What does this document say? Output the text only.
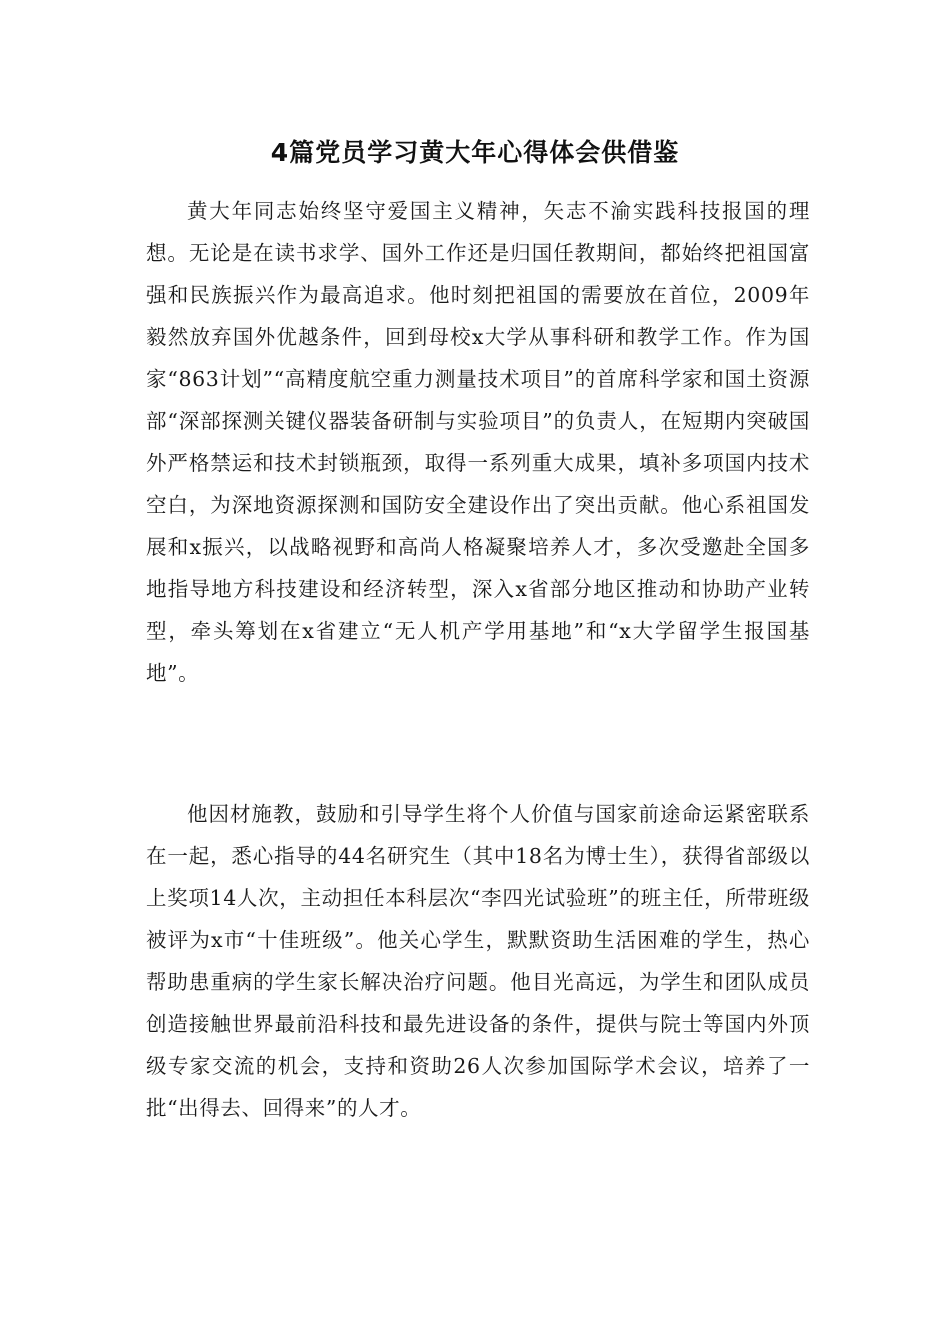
4篇党员学习黄大年心得体会供借鉴

黄大年同志始终坚守爱国主义精神，矢志不渝实践科技报国的理想。无论是在读书求学、国外工作还是归国任教期间，都始终把祖国富强和民族振兴作为最高追求。他时刻把祖国的需要放在首位，2009年毅然放弃国外优越条件，回到母校x大学从事科研和教学工作。作为国家“863计划”“高精度航空重力测量技术项目”的首席科学家和国土资源部“深部探测关键仪器装备研制与实验项目”的负责人，在短期内突破国外严格禁运和技术封锁瓶颈，取得一系列重大成果，填补多项国内技术空白，为深地资源探测和国防安全建设作出了突出贡献。他心系祖国发展和x振兴，以战略视野和高尚人格凝聚培养人才，多次受邀赴全国多地指导地方科技建设和经济转型，深入x省部分地区推动和协助产业转型，牵头筹划在x省建立“无人机产学用基地”和“x大学留学生报国基地”。

他因材施教，鼓励和引导学生将个人价值与国家前途命运紧密联系在一起，悉心指导的44名研究生（其中18名为博士生），获得省部级以上奖项14人次，主动担任本科层次“李四光试验班”的班主任，所带班级被评为x市“十佳班级”。他关心学生，默默资助生活困难的学生，热心帮助患重病的学生家长解决治疗问题。他目光高远，为学生和团队成员创造接触世界最前沿科技和最先进设备的条件，提供与院士等国内外顶级专家交流的机会，支持和资助26人次参加国际学术会议，培养了一批“出得去、回得来”的人才。
